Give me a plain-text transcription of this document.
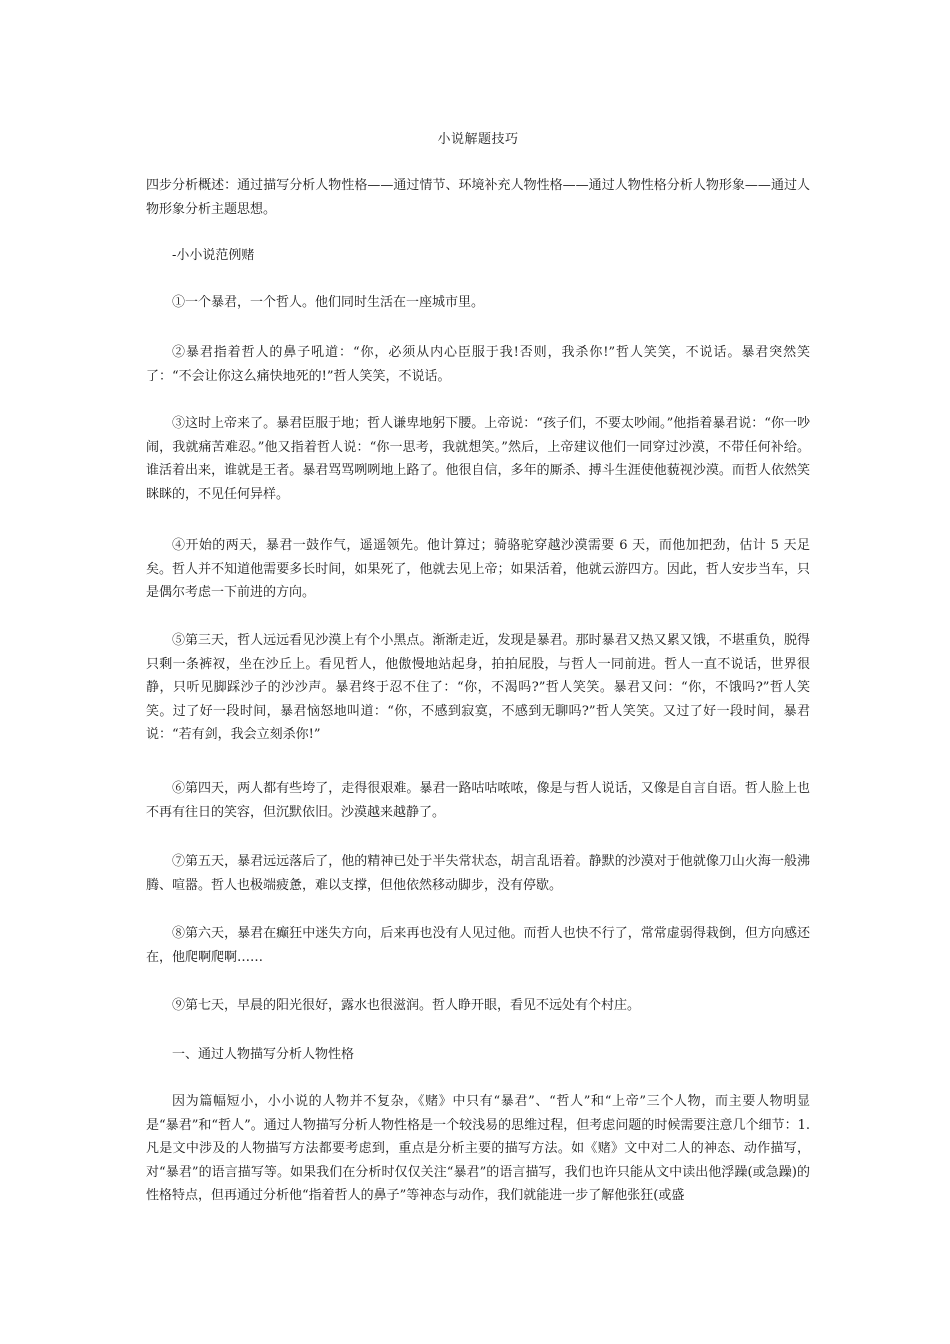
小说解题技巧

四步分析概述：通过描写分析人物性格——通过情节、环境补充人物性格——通过人物性格分析人物形象——通过人物形象分析主题思想。

-小小说范例赌

①一个暴君，一个哲人。他们同时生活在一座城市里。

②暴君指着哲人的鼻子吼道：“你，必须从内心臣服于我!否则，我杀你!”哲人笑笑，不说话。暴君突然笑了：“不会让你这么痛快地死的!”哲人笑笑，不说话。

③这时上帝来了。暴君臣服于地；哲人谦卑地躬下腰。上帝说：“孩子们，不要太吵闹。”他指着暴君说：“你一吵闹，我就痛苦难忍。”他又指着哲人说：“你一思考，我就想笑。”然后，上帝建议他们一同穿过沙漠，不带任何补给。谁活着出来，谁就是王者。暴君骂骂咧咧地上路了。他很自信，多年的厮杀、搏斗生涯使他藐视沙漠。而哲人依然笑眯眯的，不见任何异样。

④开始的两天，暴君一鼓作气，遥遥领先。他计算过；骑骆驼穿越沙漠需要 6 天，而他加把劲，估计 5 天足矣。哲人并不知道他需要多长时间，如果死了，他就去见上帝；如果活着，他就云游四方。因此，哲人安步当车，只是偶尔考虑一下前进的方向。

⑤第三天，哲人远远看见沙漠上有个小黑点。渐渐走近，发现是暴君。那时暴君又热又累又饿，不堪重负，脱得只剩一条裤衩，坐在沙丘上。看见哲人，他傲慢地站起身，拍拍屁股，与哲人一同前进。哲人一直不说话，世界很静，只听见脚踩沙子的沙沙声。暴君终于忍不住了：“你，不渴吗?”哲人笑笑。暴君又问：“你，不饿吗?”哲人笑笑。过了好一段时间，暴君恼怒地叫道：“你，不感到寂寞，不感到无聊吗?”哲人笑笑。又过了好一段时间，暴君说：“若有剑，我会立刻杀你!”

⑥第四天，两人都有些垮了，走得很艰难。暴君一路咕咕哝哝，像是与哲人说话，又像是自言自语。哲人脸上也不再有往日的笑容，但沉默依旧。沙漠越来越静了。

⑦第五天，暴君远远落后了，他的精神已处于半失常状态，胡言乱语着。静默的沙漠对于他就像刀山火海一般沸腾、喧嚣。哲人也极端疲惫，难以支撑，但他依然移动脚步，没有停歇。

⑧第六天，暴君在癫狂中迷失方向，后来再也没有人见过他。而哲人也快不行了，常常虚弱得栽倒，但方向感还在，他爬啊爬啊……

⑨第七天，早晨的阳光很好，露水也很滋润。哲人睁开眼，看见不远处有个村庄。

一、通过人物描写分析人物性格

因为篇幅短小，小小说的人物并不复杂，《赌》中只有“暴君”、“哲人”和“上帝”三个人物，而主要人物明显是“暴君”和“哲人”。通过人物描写分析人物性格是一个较浅易的思维过程，但考虑问题的时候需要注意几个细节：1.凡是文中涉及的人物描写方法都要考虑到，重点是分析主要的描写方法。如《赌》文中对二人的神态、动作描写，对“暴君”的语言描写等。如果我们在分析时仅仅关注“暴君”的语言描写，我们也许只能从文中读出他浮躁(或急躁)的性格特点，但再通过分析他“指着哲人的鼻子”等神态与动作，我们就能进一步了解他张狂(或盛
